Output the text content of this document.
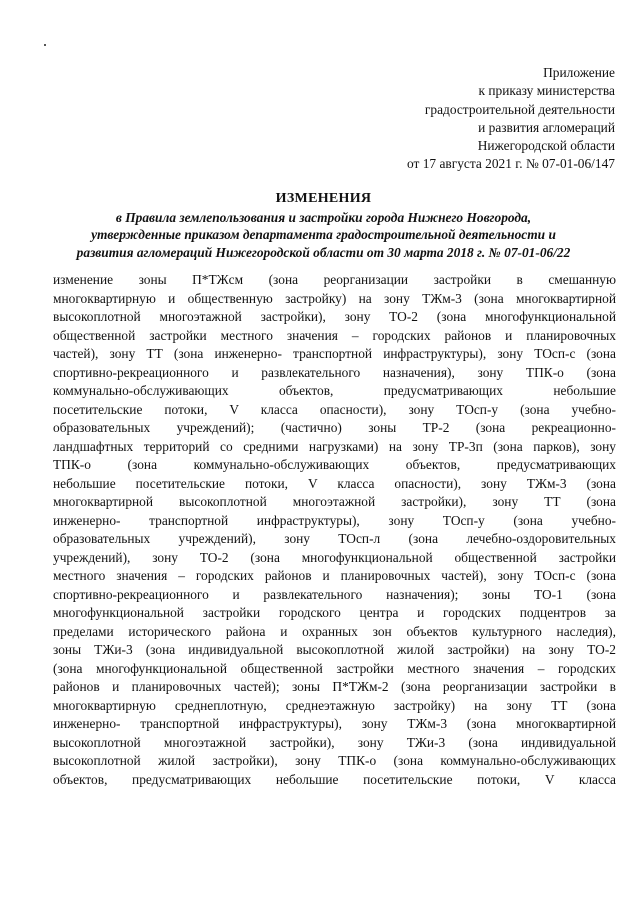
Приложение
к приказу министерства
градостроительной деятельности
и развития агломераций
Нижегородской области
от 17 августа 2021 г. № 07-01-06/147
ИЗМЕНЕНИЯ
в Правила землепользования и застройки города Нижнего Новгорода,
утвержденные приказом департамента градостроительной деятельности и
развития агломераций Нижегородской области от 30 марта 2018 г. № 07-01-06/22
изменение зоны П*ТЖсм (зона реорганизации застройки в смешанную
многоквартирную и общественную застройку) на зону ТЖм-3 (зона многоквартирной
высокоплотной многоэтажной застройки), зону ТО-2 (зона многофункциональной
общественной застройки местного значения – городских районов и планировочных
частей), зону ТТ (зона инженерно- транспортной инфраструктуры), зону ТОсп-с (зона
спортивно-рекреационного и развлекательного назначения), зону ТПК-о (зона
коммунально-обслуживающих объектов, предусматривающих небольшие
посетительские потоки, V класса опасности), зону ТОсп-у (зона учебно-
образовательных учреждений); (частично) зоны ТР-2 (зона рекреационно-
ландшафтных территорий со средними нагрузками) на зону ТР-3п (зона парков), зону
ТПК-о (зона коммунально-обслуживающих объектов, предусматривающих
небольшие посетительские потоки, V класса опасности), зону ТЖм-3 (зона
многоквартирной высокоплотной многоэтажной застройки), зону ТТ (зона
инженерно- транспортной инфраструктуры), зону ТОсп-у (зона учебно-
образовательных учреждений), зону ТОсп-л (зона лечебно-оздоровительных
учреждений), зону ТО-2 (зона многофункциональной общественной застройки
местного значения – городских районов и планировочных частей), зону ТОсп-с (зона
спортивно-рекреационного и развлекательного назначения); зоны ТО-1 (зона
многофункциональной застройки городского центра и городских подцентров за
пределами исторического района и охранных зон объектов культурного наследия),
зоны ТЖи-3 (зона индивидуальной высокоплотной жилой застройки) на зону ТО-2
(зона многофункциональной общественной застройки местного значения – городских
районов и планировочных частей); зоны П*ТЖм-2 (зона реорганизации застройки в
многоквартирную среднеплотную, среднеэтажную застройку) на зону ТТ (зона
инженерно- транспортной инфраструктуры), зону ТЖм-3 (зона многоквартирной
высокоплотной многоэтажной застройки), зону ТЖи-3 (зона индивидуальной
высокоплотной жилой застройки), зону ТПК-о (зона коммунально-обслуживающих
объектов, предусматривающих небольшие посетительские потоки, V класса
